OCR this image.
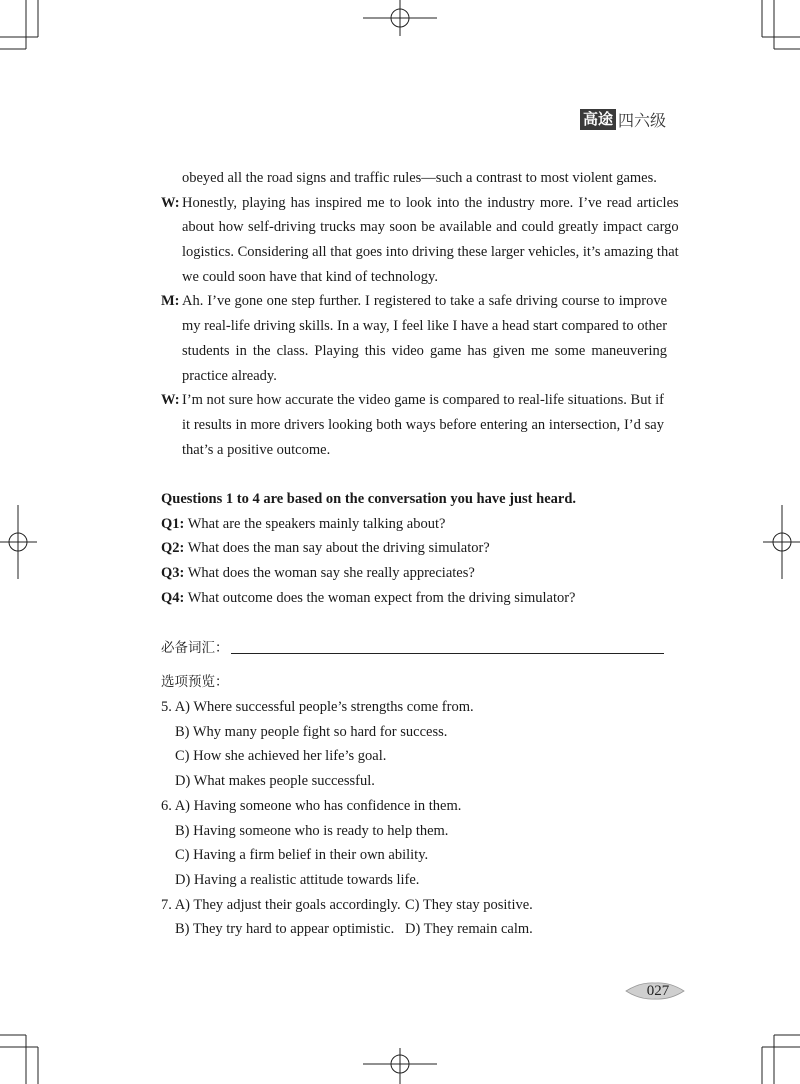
高途 四六级
obeyed all the road signs and traffic rules—such a contrast to most violent games.
W: Honestly, playing has inspired me to look into the industry more. I’ve read articles
about how self-driving trucks may soon be available and could greatly impact cargo
logistics. Considering all that goes into driving these larger vehicles, it’s amazing that
we could soon have that kind of technology.
M: Ah. I’ve gone one step further. I registered to take a safe driving course to improve
my real-life driving skills. In a way, I feel like I have a head start compared to other
students in the class. Playing this video game has given me some maneuvering
practice already.
W: I’m not sure how accurate the video game is compared to real-life situations. But if
it results in more drivers looking both ways before entering an intersection, I’d say
that’s a positive outcome.
Questions 1 to 4 are based on the conversation you have just heard.
Q1: What are the speakers mainly talking about?
Q2: What does the man say about the driving simulator?
Q3: What does the woman say she really appreciates?
Q4: What outcome does the woman expect from the driving simulator?
必备词汇：
选项预览：
5. A) Where successful people’s strengths come from.
B) Why many people fight so hard for success.
C) How she achieved her life’s goal.
D) What makes people successful.
6. A) Having someone who has confidence in them.
B) Having someone who is ready to help them.
C) Having a firm belief in their own ability.
D) Having a realistic attitude towards life.
7. A) They adjust their goals accordingly. C) They stay positive.
B) They try hard to appear optimistic. D) They remain calm.
027
